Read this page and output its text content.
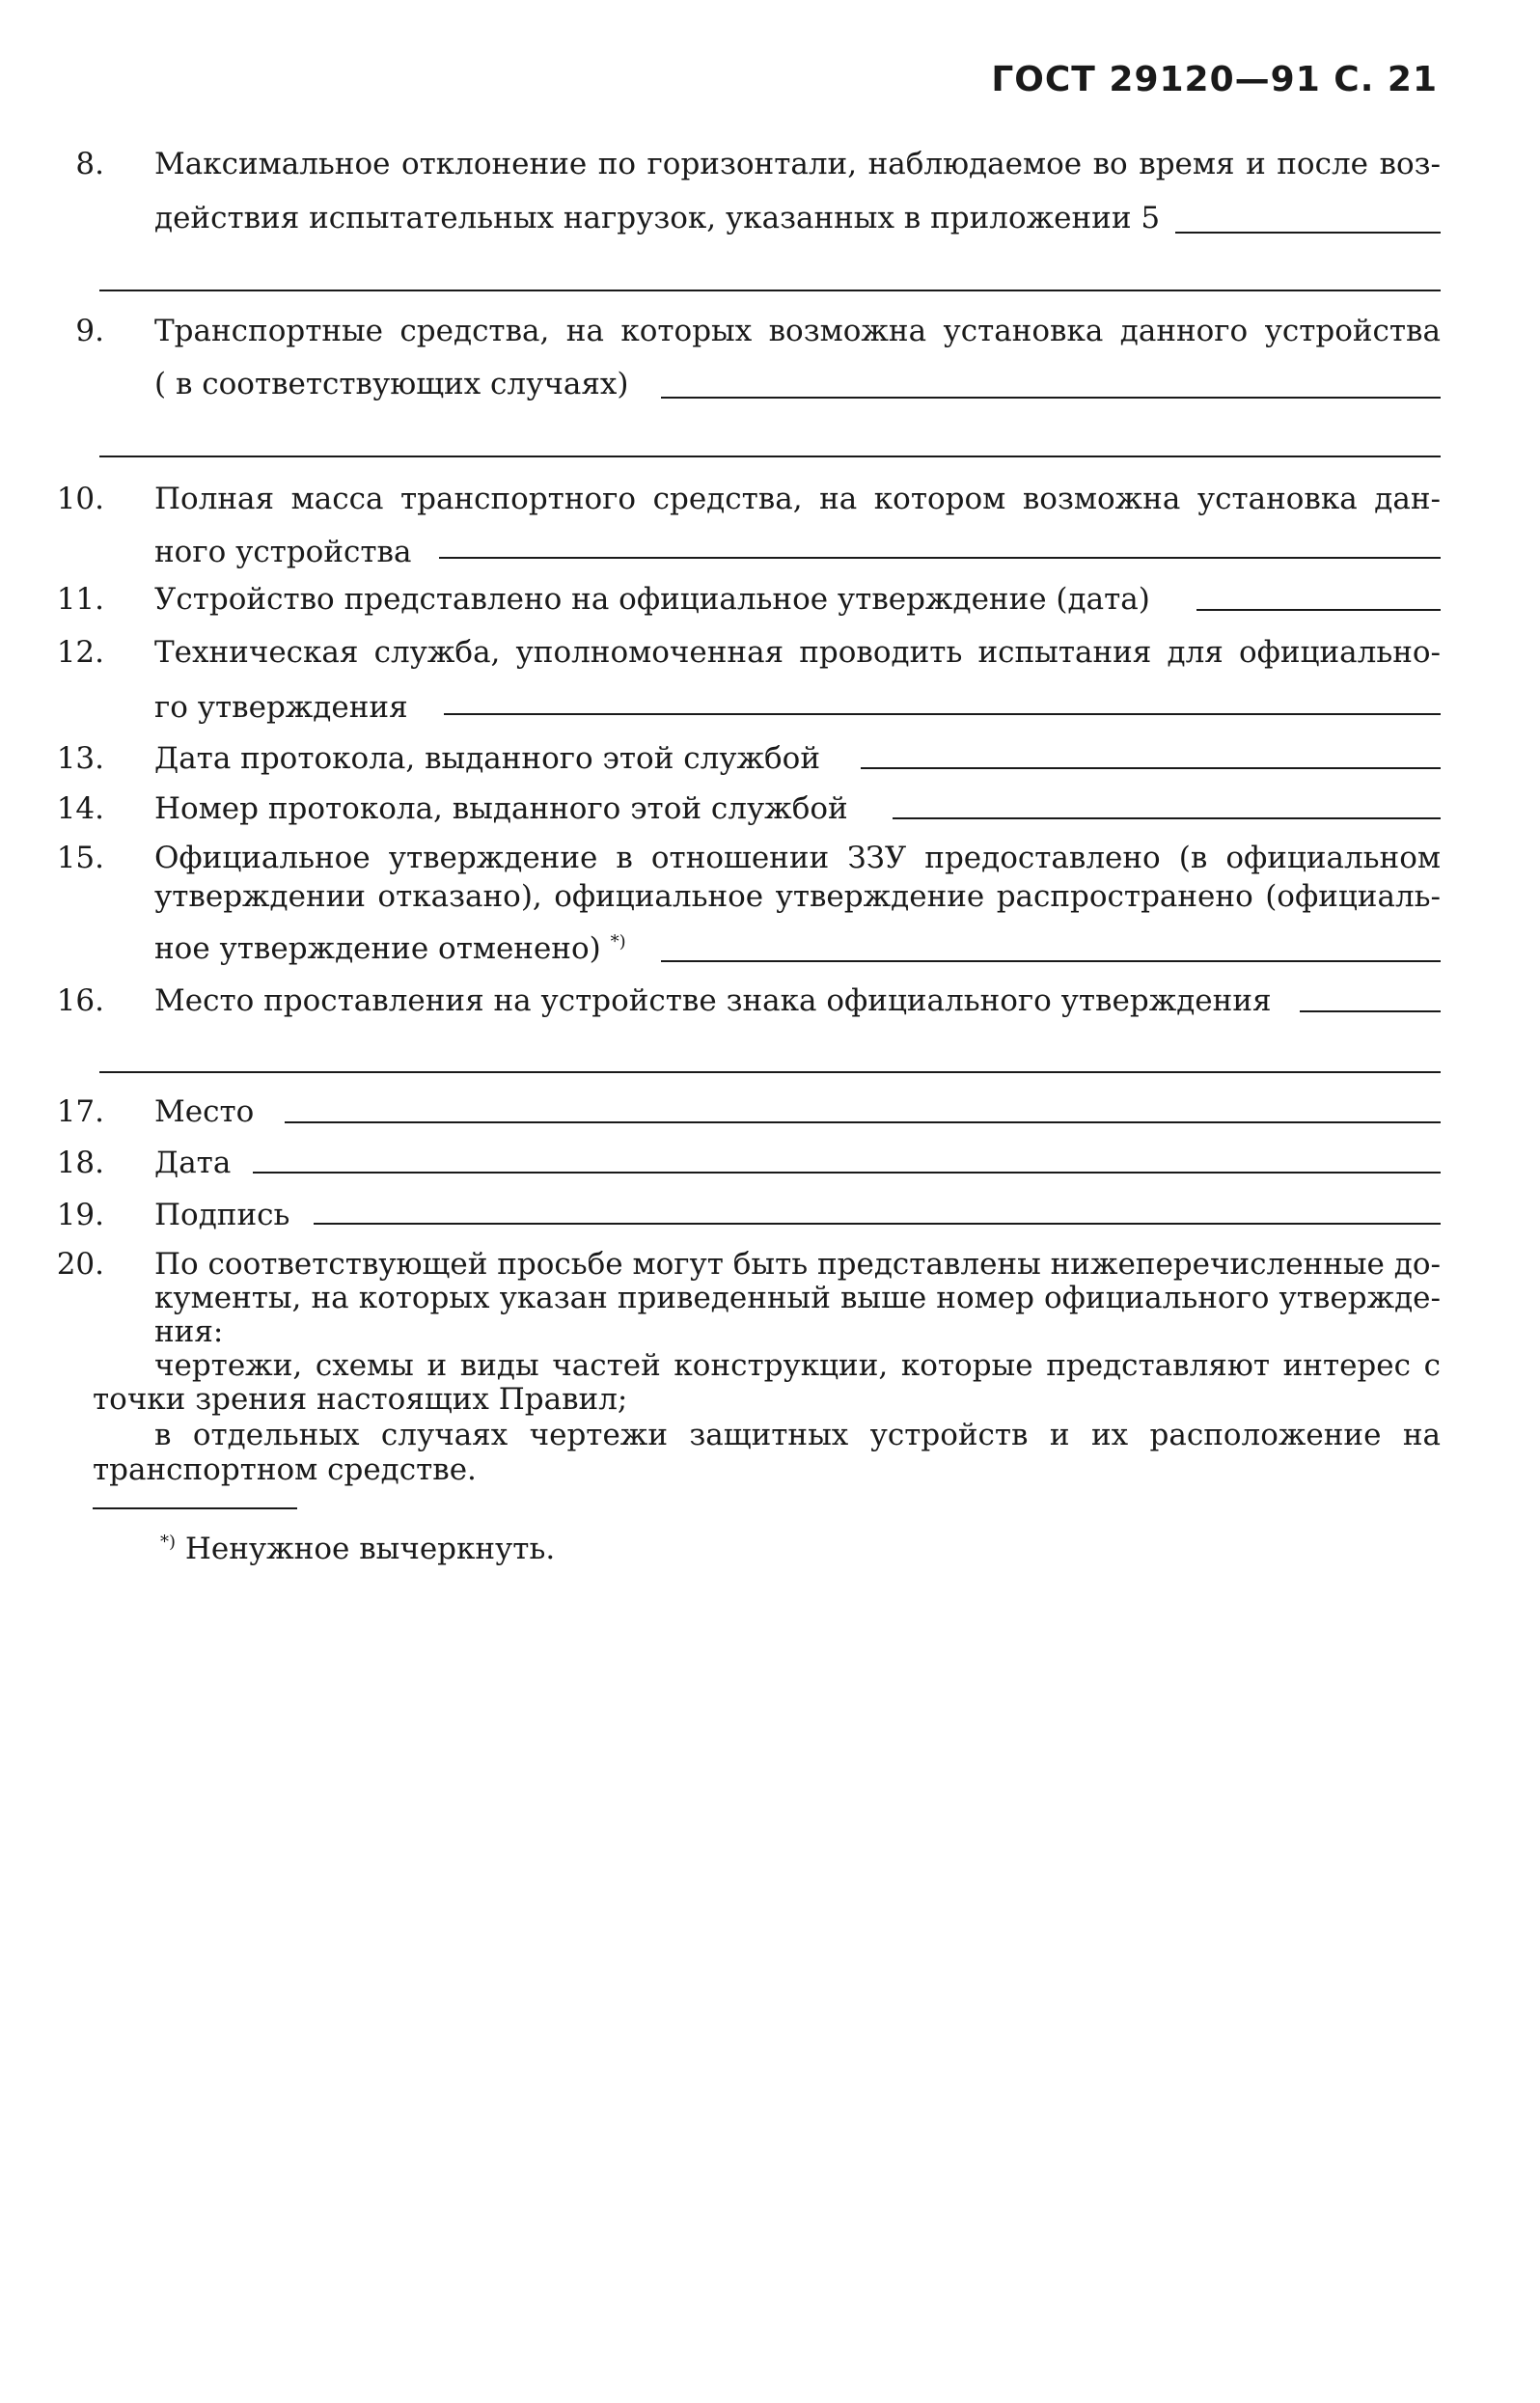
ГОСТ 29120—91 С. 21
8. Максимальное отклонение по горизонтали, наблюдаемое во время и после воз-
действия испытательных нагрузок, указанных в приложении 5
9. Транспортные средства, на которых возможна установка данного устройства
( в соответствующих случаях)
10. Полная масса транспортного средства, на котором возможна установка дан-
ного устройства
11. Устройство представлено на официальное утверждение (дата)
12. Техническая служба, уполномоченная проводить испытания для официально-
го утверждения
13. Дата протокола, выданного этой службой
14. Номер протокола, выданного этой службой
15. Официальное утверждение в отношении ЗЗУ предоставлено (в официальном
утверждении отказано), официальное утверждение распространено (официаль-
ное утверждение отменено) *)
16. Место проставления на устройстве знака официального утверждения
17. Место
18. Дата
19. Подпись
20. По соответствующей просьбе могут быть представлены нижеперечисленные до-
кументы, на которых указан приведенный выше номер официального утвержде-
ния:
чертежи, схемы и виды частей конструкции, которые представляют интерес с
точки зрения настоящих Правил;
в отдельных случаях чертежи защитных устройств и их расположение на
транспортном средстве.
*) Ненужное вычеркнуть.
